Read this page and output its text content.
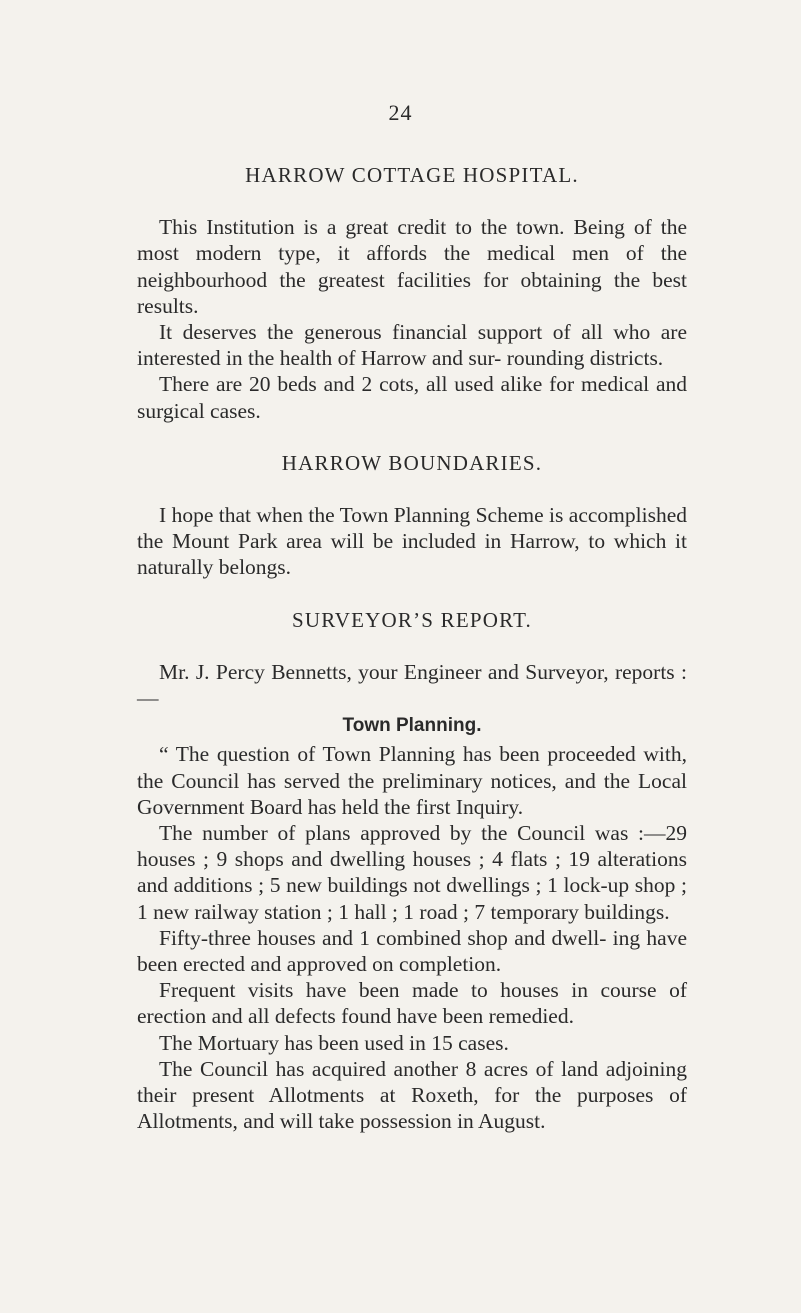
24
HARROW COTTAGE HOSPITAL.

This Institution is a great credit to the town. Being of the most modern type, it affords the medical men of the neighbourhood the greatest facilities for obtaining the best results.

It deserves the generous financial support of all who are interested in the health of Harrow and sur- rounding districts.

There are 20 beds and 2 cots, all used alike for medical and surgical cases.

HARROW BOUNDARIES.

I hope that when the Town Planning Scheme is accomplished the Mount Park area will be included in Harrow, to which it naturally belongs.

SURVEYOR’S REPORT.

Mr. J. Percy Bennetts, your Engineer and Surveyor, reports :—

Town Planning.

“ The question of Town Planning has been proceeded with, the Council has served the preliminary notices, and the Local Government Board has held the first Inquiry.

The number of plans approved by the Council was :—29 houses ; 9 shops and dwelling houses ; 4 flats ; 19 alterations and additions ; 5 new buildings not dwellings ; 1 lock-up shop ; 1 new railway station ; 1 hall ; 1 road ; 7 temporary buildings.

Fifty-three houses and 1 combined shop and dwell- ing have been erected and approved on completion.

Frequent visits have been made to houses in course of erection and all defects found have been remedied.

The Mortuary has been used in 15 cases.

The Council has acquired another 8 acres of land adjoining their present Allotments at Roxeth, for the purposes of Allotments, and will take possession in August.
